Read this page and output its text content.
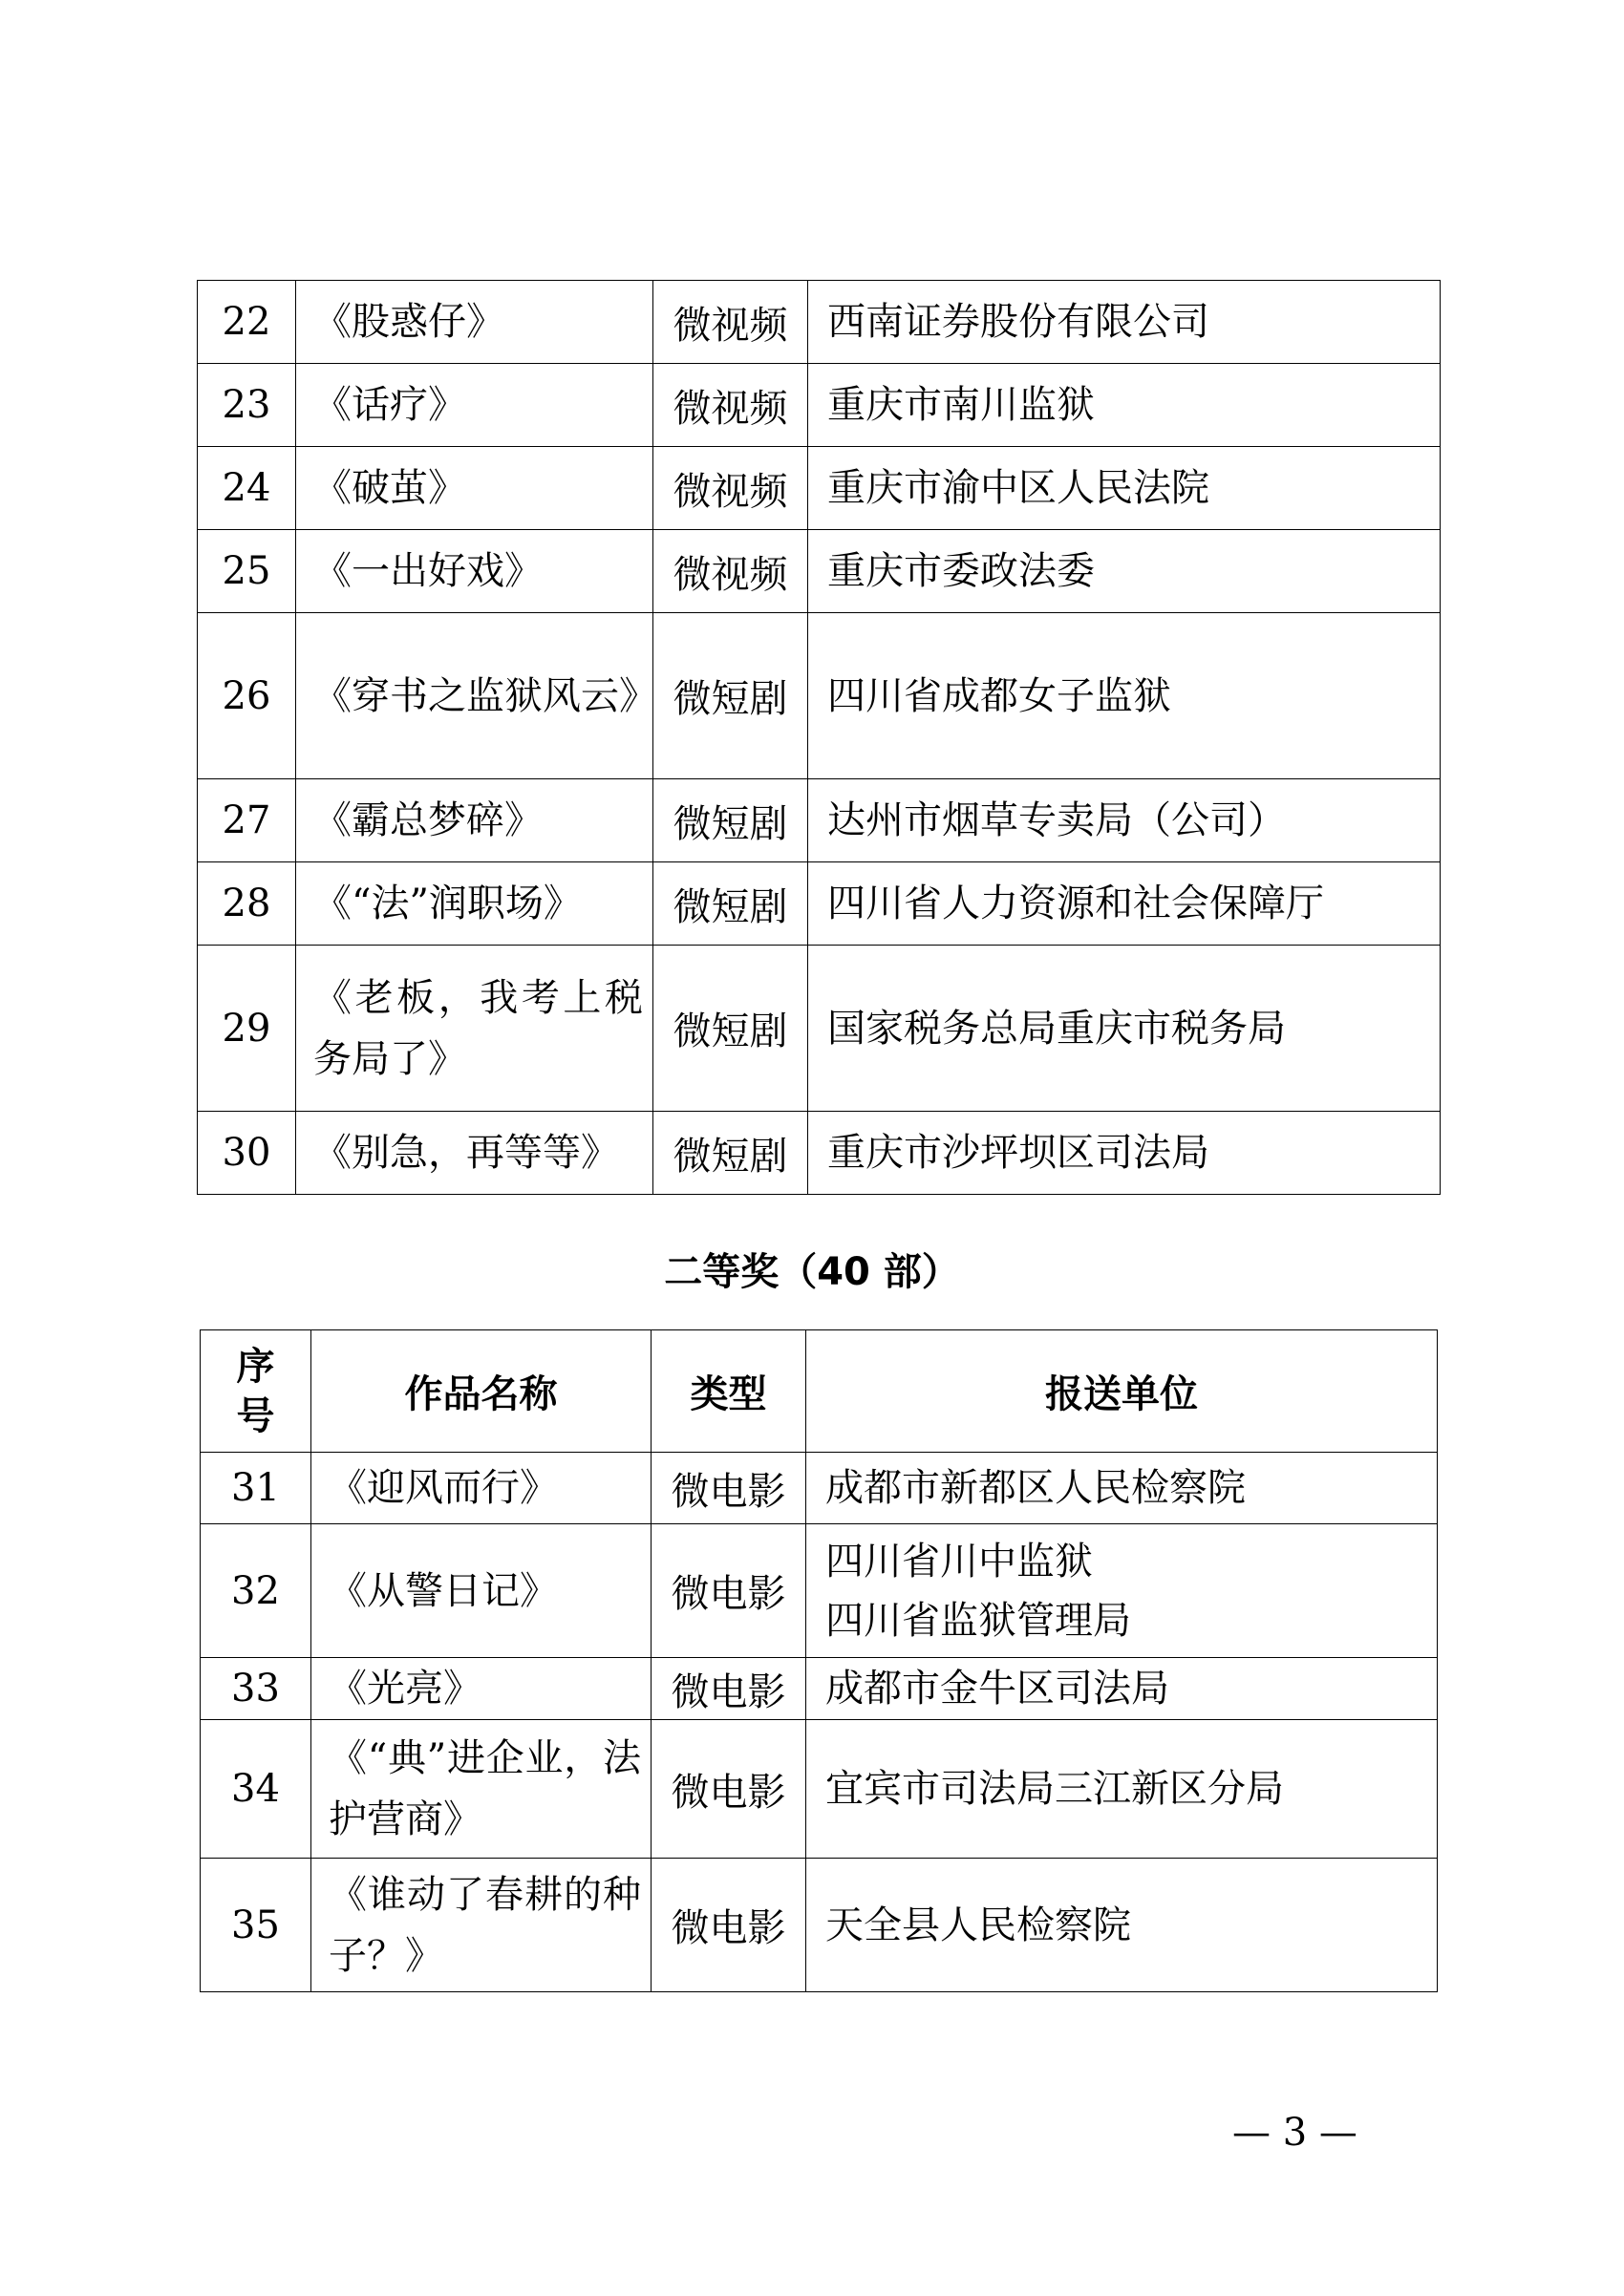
22	《股惑仔》	微视频	西南证券股份有限公司
23	《话疗》	微视频	重庆市南川监狱
24	《破茧》	微视频	重庆市渝中区人民法院
25	《一出好戏》	微视频	重庆市委政法委
26	《穿书之监狱风云》	微短剧	四川省成都女子监狱
27	《霸总梦碎》	微短剧	达州市烟草专卖局（公司）
28	《“法”润职场》	微短剧	四川省人力资源和社会保障厅
29	《老板，我考上税务局了》	微短剧	国家税务总局重庆市税务局
30	《别急，再等等》	微短剧	重庆市沙坪坝区司法局
二等奖（40 部）
序号	作品名称	类型	报送单位
31	《迎风而行》	微电影	成都市新都区人民检察院
32	《从警日记》	微电影	四川省川中监狱
四川省监狱管理局

33	《光亮》	微电影	成都市金牛区司法局
34	《“典”进企业，法护营商》	微电影	宜宾市司法局三江新区分局
35	《谁动了春耕的种子？》	微电影	天全县人民检察院
— 3 —
